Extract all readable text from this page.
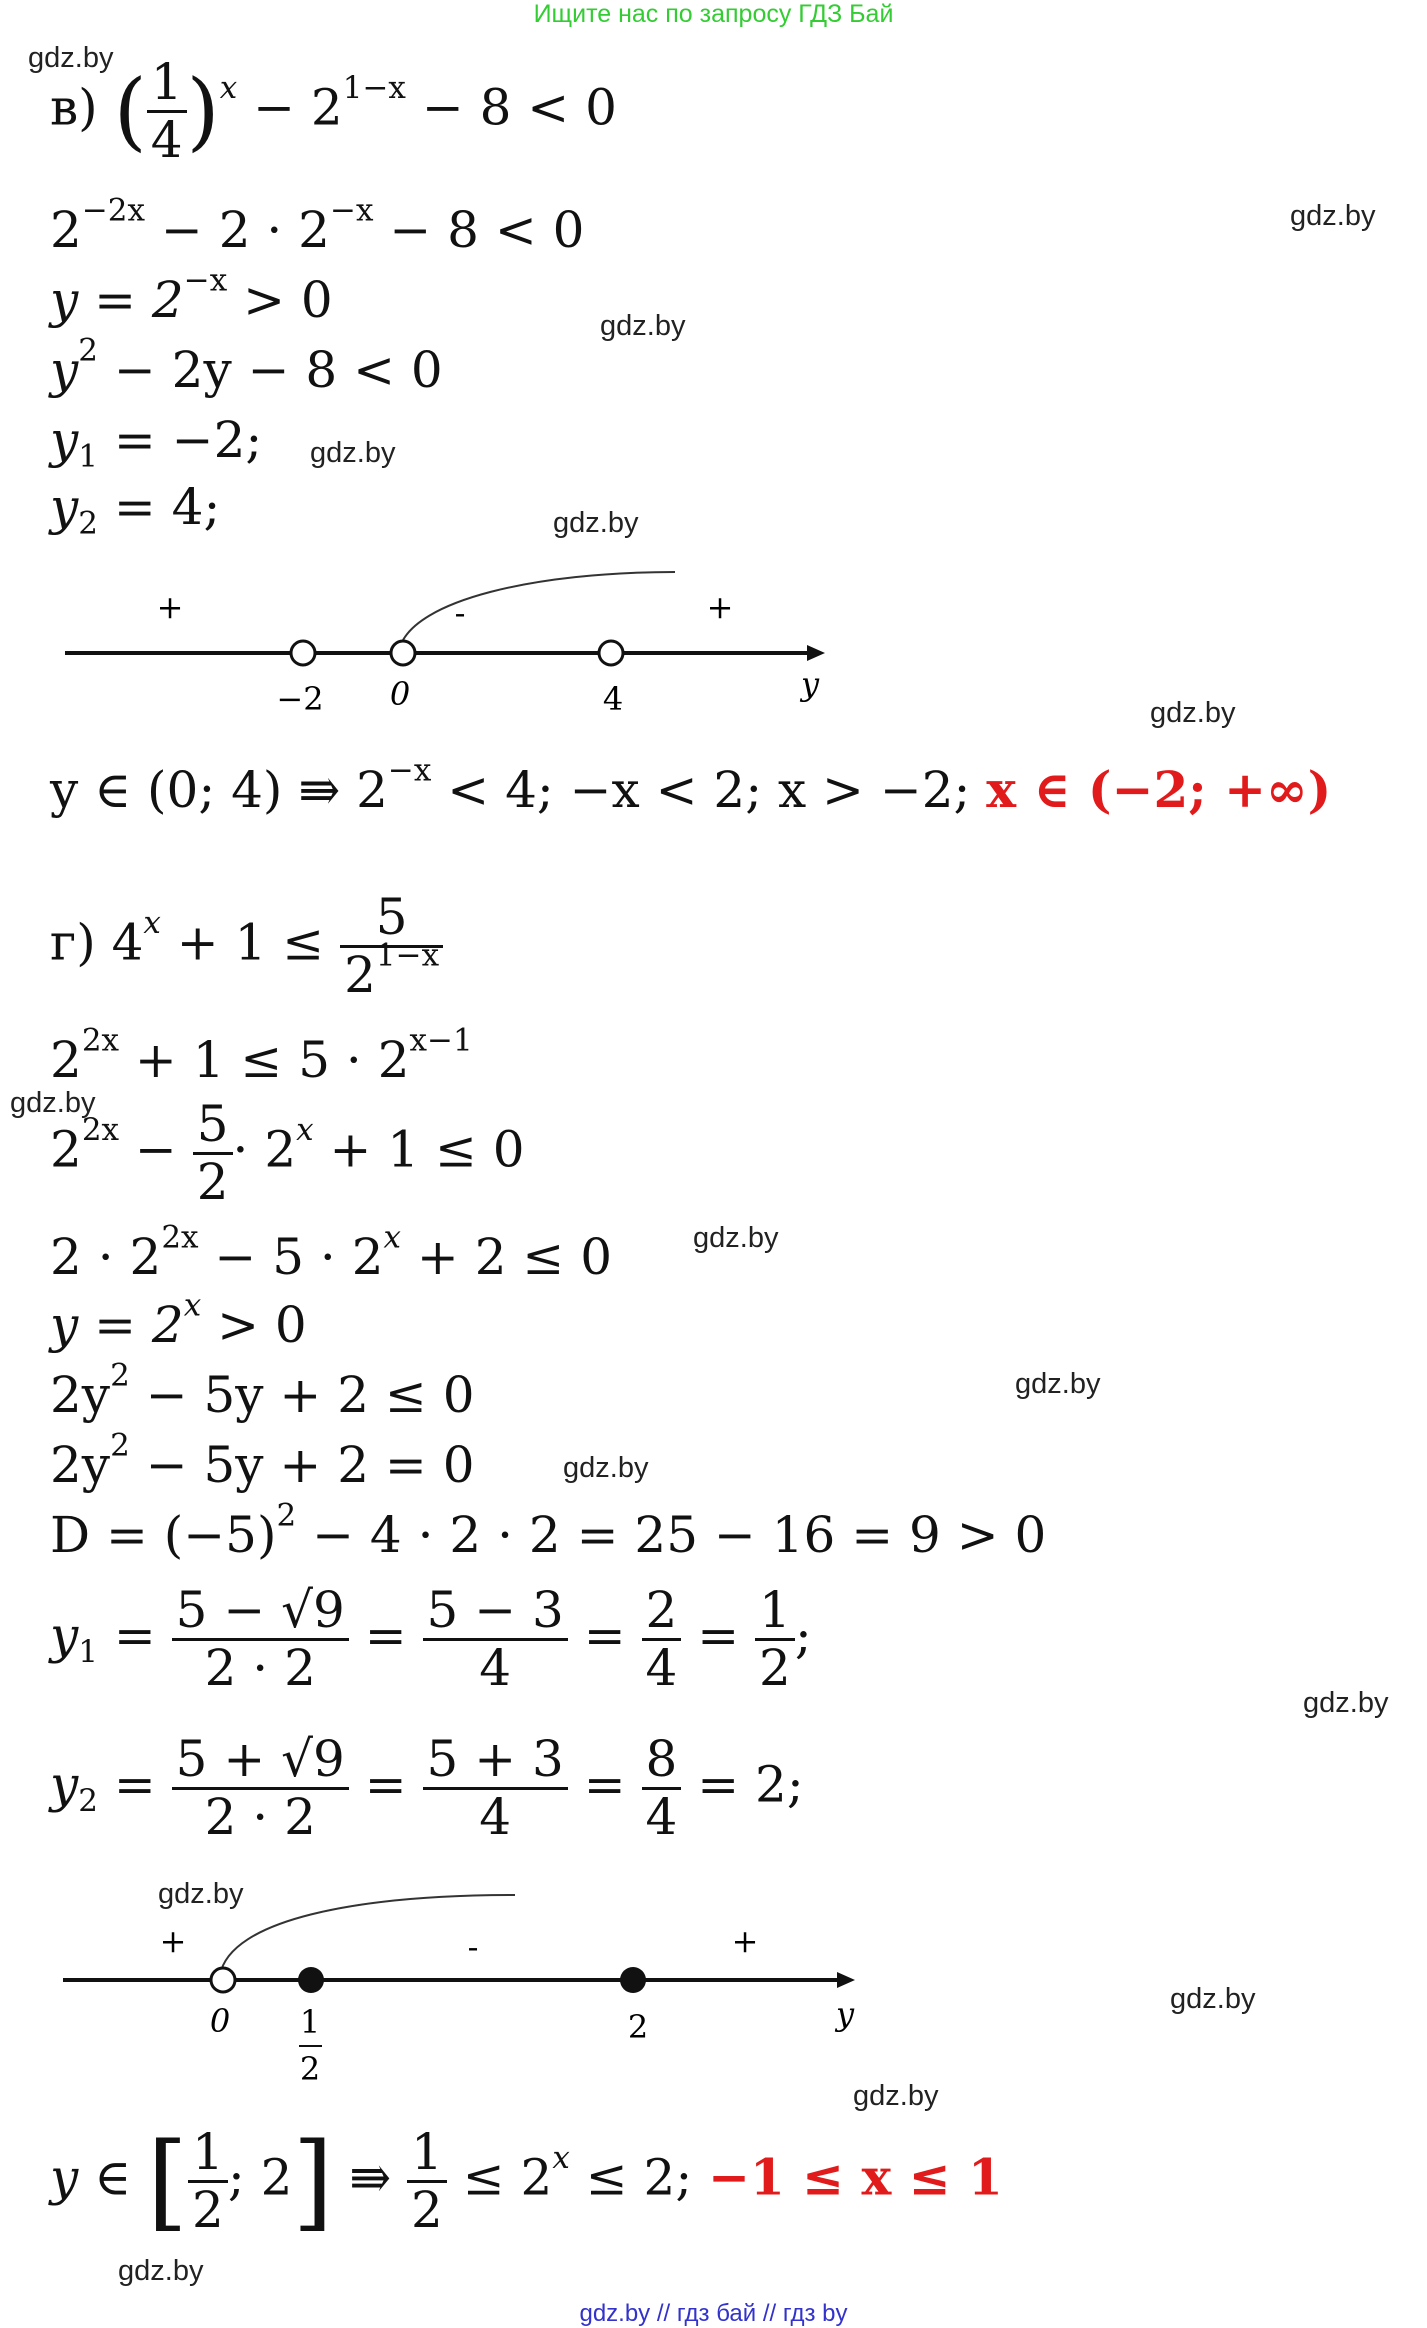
Ищите нас по запросу ГДЗ Бай
gdz.by
gdz.by
gdz.by
gdz.by
gdz.by
gdz.by
gdz.by
gdz.by
gdz.by
gdz.by
gdz.by
gdz.by
gdz.by
gdz.by
gdz.by
в) ( $\frac{1}{4} )^x - 2^{1-x} - 8 < 0$
$2^{-2x} - 2 \cdot 2^{-x} - 8 < 0$
$y = 2^{-x} > 0$
$y^2 - 2y - 8 < 0$
$y_1 = -2$;
$y_2 = 4$;
+	-	+
−2 0	4	y
y ∈ (0; 4) ⇛ $2^{-x} < 4$; −x < 2; x > −2; x ∈ (−2; +∞)
г) $4^x + 1 \le \frac{5}{2^{1-x}}$
$2^{2x} + 1 \le 5 \cdot 2^{x-1}$
$2^{2x} - \frac{5}{2} \cdot 2^x + 1 \le 0$
$2 \cdot 2^{2x} - 5 \cdot 2^x + 2 \le 0$
$y = 2^x > 0$
$2y^2 - 5y + 2 \le 0$
$2y^2 - 5y + 2 = 0$
$D = (-5)^2 - 4 \cdot 2 \cdot 2 = 25 - 16 = 9 > 0$
$y_1 = \frac{5 - √9}{2 \cdot 2} = \frac{5 - 3}{4} = \frac{2}{4} = \frac{1}{2}$ ;
$y_2 = \frac{5 + √9}{2 \cdot 2} = \frac{5 + 3}{4} = \frac{8}{4} = 2$;
+	-	+
0 1
2
2	y
y ∈ [ $\frac{1}{2}$ ; 2] ⇛ $\frac{1}{2} \le 2^x \le 2$; −1 ≤ x ≤ 1
gdz.by // гдз бай // гдз by
